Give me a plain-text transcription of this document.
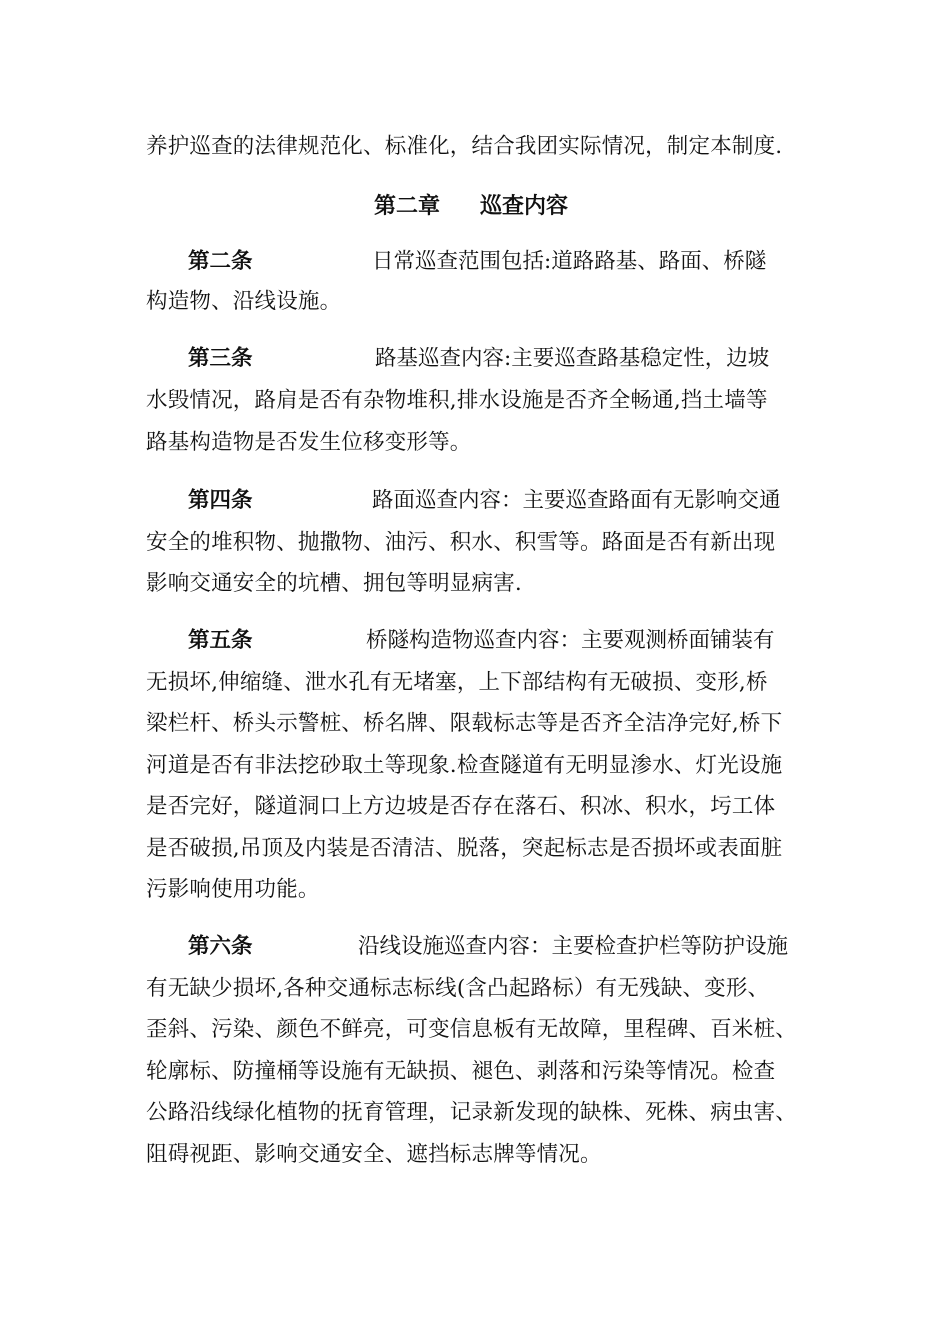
养护巡查的法律规范化、标准化，结合我团实际情况，制定本制度.
第二章 巡查内容
第二条	日常巡查范围包括:道路路基、路面、桥隧
构造物、沿线设施。
第三条	路基巡查内容:主要巡查路基稳定性，边坡
水毁情况，路肩是否有杂物堆积,排水设施是否齐全畅通,挡土墙等
路基构造物是否发生位移变形等。
第四条	路面巡查内容：主要巡查路面有无影响交通
安全的堆积物、抛撒物、油污、积水、积雪等。路面是否有新出现
影响交通安全的坑槽、拥包等明显病害.
第五条	桥隧构造物巡查内容：主要观测桥面铺装有
无损坏,伸缩缝、泄水孔有无堵塞，上下部结构有无破损、变形,桥
梁栏杆、桥头示警桩、桥名牌、限载标志等是否齐全洁净完好,桥下
河道是否有非法挖砂取土等现象.检查隧道有无明显渗水、灯光设施
是否完好，隧道洞口上方边坡是否存在落石、积冰、积水，圬工体
是否破损,吊顶及内装是否清洁、脱落，突起标志是否损坏或表面脏
污影响使用功能。
第六条	沿线设施巡查内容：主要检查护栏等防护设施
有无缺少损坏,各种交通标志标线(含凸起路标）有无残缺、变形、
歪斜、污染、颜色不鲜亮，可变信息板有无故障，里程碑、百米桩、
轮廓标、防撞桶等设施有无缺损、褪色、剥落和污染等情况。检查
公路沿线绿化植物的抚育管理，记录新发现的缺株、死株、病虫害、
阻碍视距、影响交通安全、遮挡标志牌等情况。
